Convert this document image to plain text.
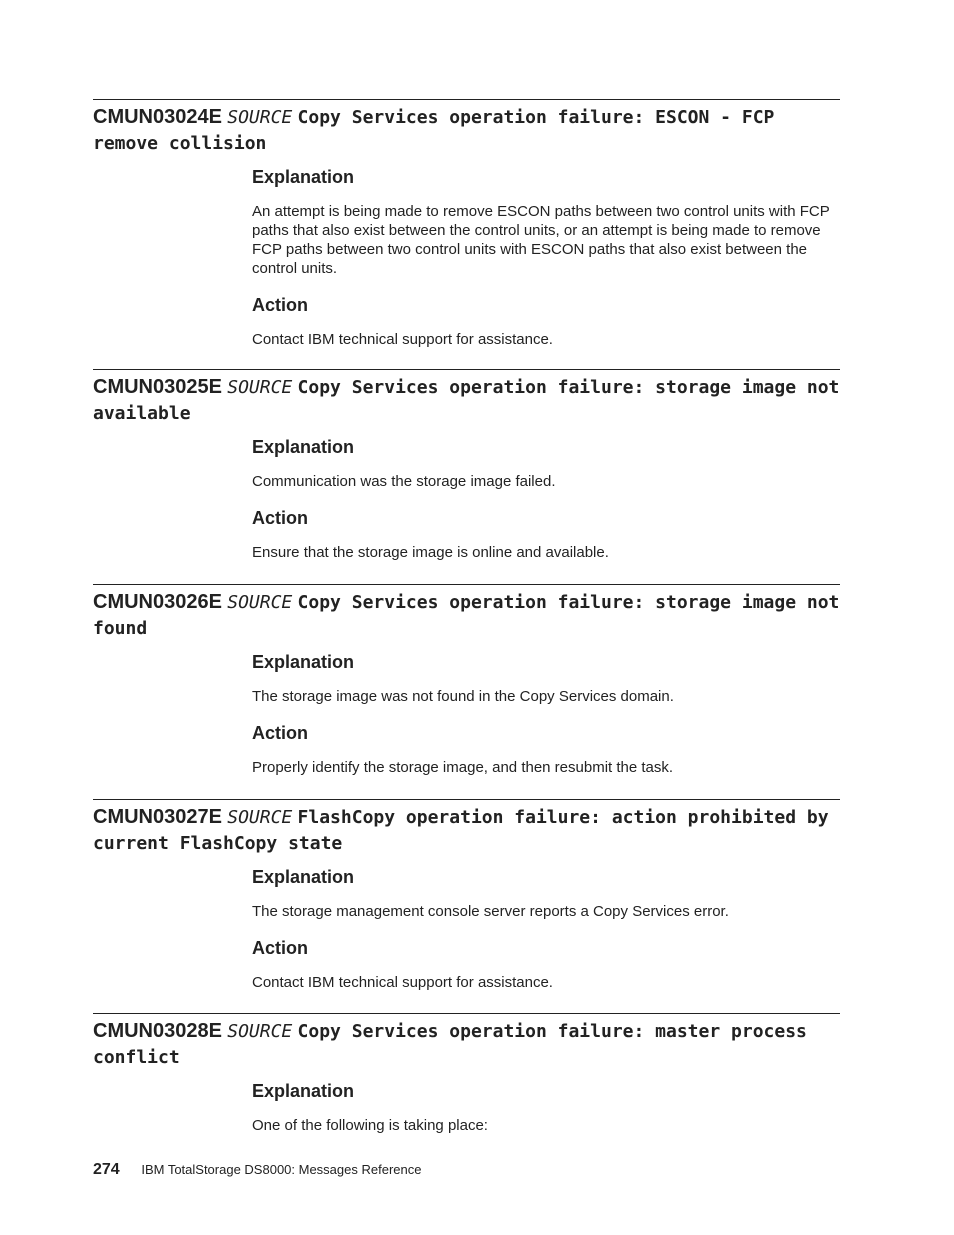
CMUN03024E SOURCE Copy Services operation failure: ESCON - FCP remove collision
Explanation

An attempt is being made to remove ESCON paths between two control units with FCP paths that also exist between the control units, or an attempt is being made to remove FCP paths between two control units with ESCON paths that also exist between the control units.

Action

Contact IBM technical support for assistance.

CMUN03025E SOURCE Copy Services operation failure: storage image not available
Explanation

Communication was the storage image failed.

Action

Ensure that the storage image is online and available.

CMUN03026E SOURCE Copy Services operation failure: storage image not found
Explanation

The storage image was not found in the Copy Services domain.

Action

Properly identify the storage image, and then resubmit the task.

CMUN03027E SOURCE FlashCopy operation failure: action prohibited by current FlashCopy state
Explanation

The storage management console server reports a Copy Services error.

Action

Contact IBM technical support for assistance.

CMUN03028E SOURCE Copy Services operation failure: master process conflict
Explanation

One of the following is taking place:

274 IBM TotalStorage DS8000: Messages Reference
